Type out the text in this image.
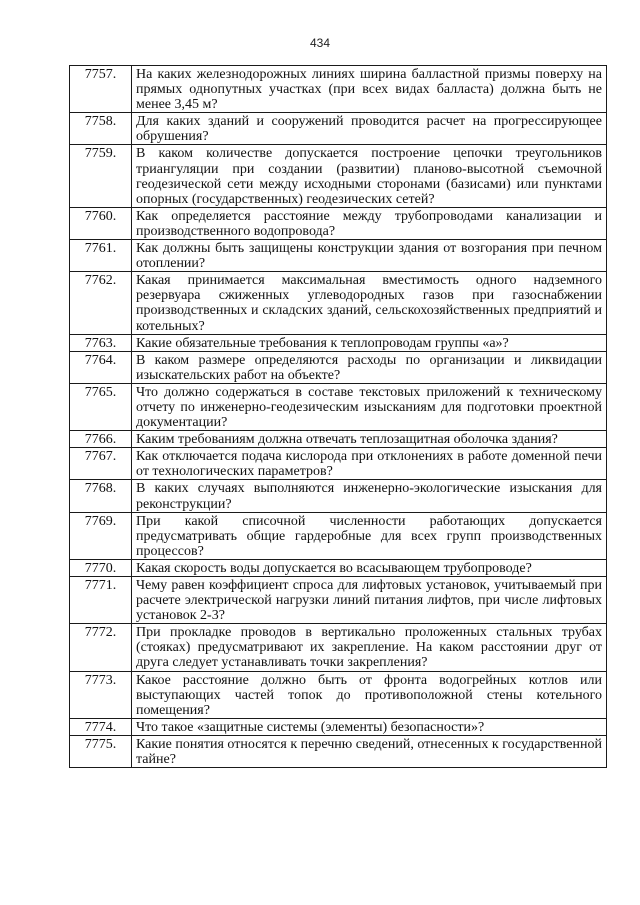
434
7757.	На каких железнодорожных линиях ширина балластной призмы поверху на прямых однопутных участках (при всех видах балласта) должна быть не менее 3,45 м?
7758.	Для каких зданий и сооружений проводится расчет на прогрессирующее обрушения?
7759.	В каком количестве допускается построение цепочки треугольников триангуляции при создании (развитии) планово-высотной съемочной геодезической сети между исходными сторонами (базисами) или пунктами опорных (государственных) геодезических сетей?
7760.	Как определяется расстояние между трубопроводами канализации и производственного водопровода?
7761.	Как должны быть защищены конструкции здания от возгорания при печном отоплении?
7762.	Какая принимается максимальная вместимость одного надземного резервуара сжиженных углеводородных газов при газоснабжении производственных и складских зданий, сельскохозяйственных предприятий и котельных?
7763.	Какие обязательные требования к теплопроводам группы «а»?
7764.	В каком размере определяются расходы по организации и ликвидации изыскательских работ на объекте?
7765.	Что должно содержаться в составе текстовых приложений к техническому отчету по инженерно-геодезическим изысканиям для подготовки проектной документации?
7766.	Каким требованиям должна отвечать теплозащитная оболочка здания?
7767.	Как отключается подача кислорода при отклонениях в работе доменной печи от технологических параметров?
7768.	В каких случаях выполняются инженерно-экологические изыскания для реконструкции?
7769.	При какой списочной численности работающих допускается предусматривать общие гардеробные для всех групп производственных процессов?
7770.	Какая скорость воды допускается во всасывающем трубопроводе?
7771.	Чему равен коэффициент спроса для лифтовых установок, учитываемый при расчете электрической нагрузки линий питания лифтов, при числе лифтовых установок 2-3?
7772.	При прокладке проводов в вертикально проложенных стальных трубах (стояках) предусматривают их закрепление. На каком расстоянии друг от друга следует устанавливать точки закрепления?
7773.	Какое расстояние должно быть от фронта водогрейных котлов или выступающих частей топок до противоположной стены котельного помещения?
7774.	Что такое «защитные системы (элементы) безопасности»?
7775.	Какие понятия относятся к перечню сведений, отнесенных к государственной тайне?
